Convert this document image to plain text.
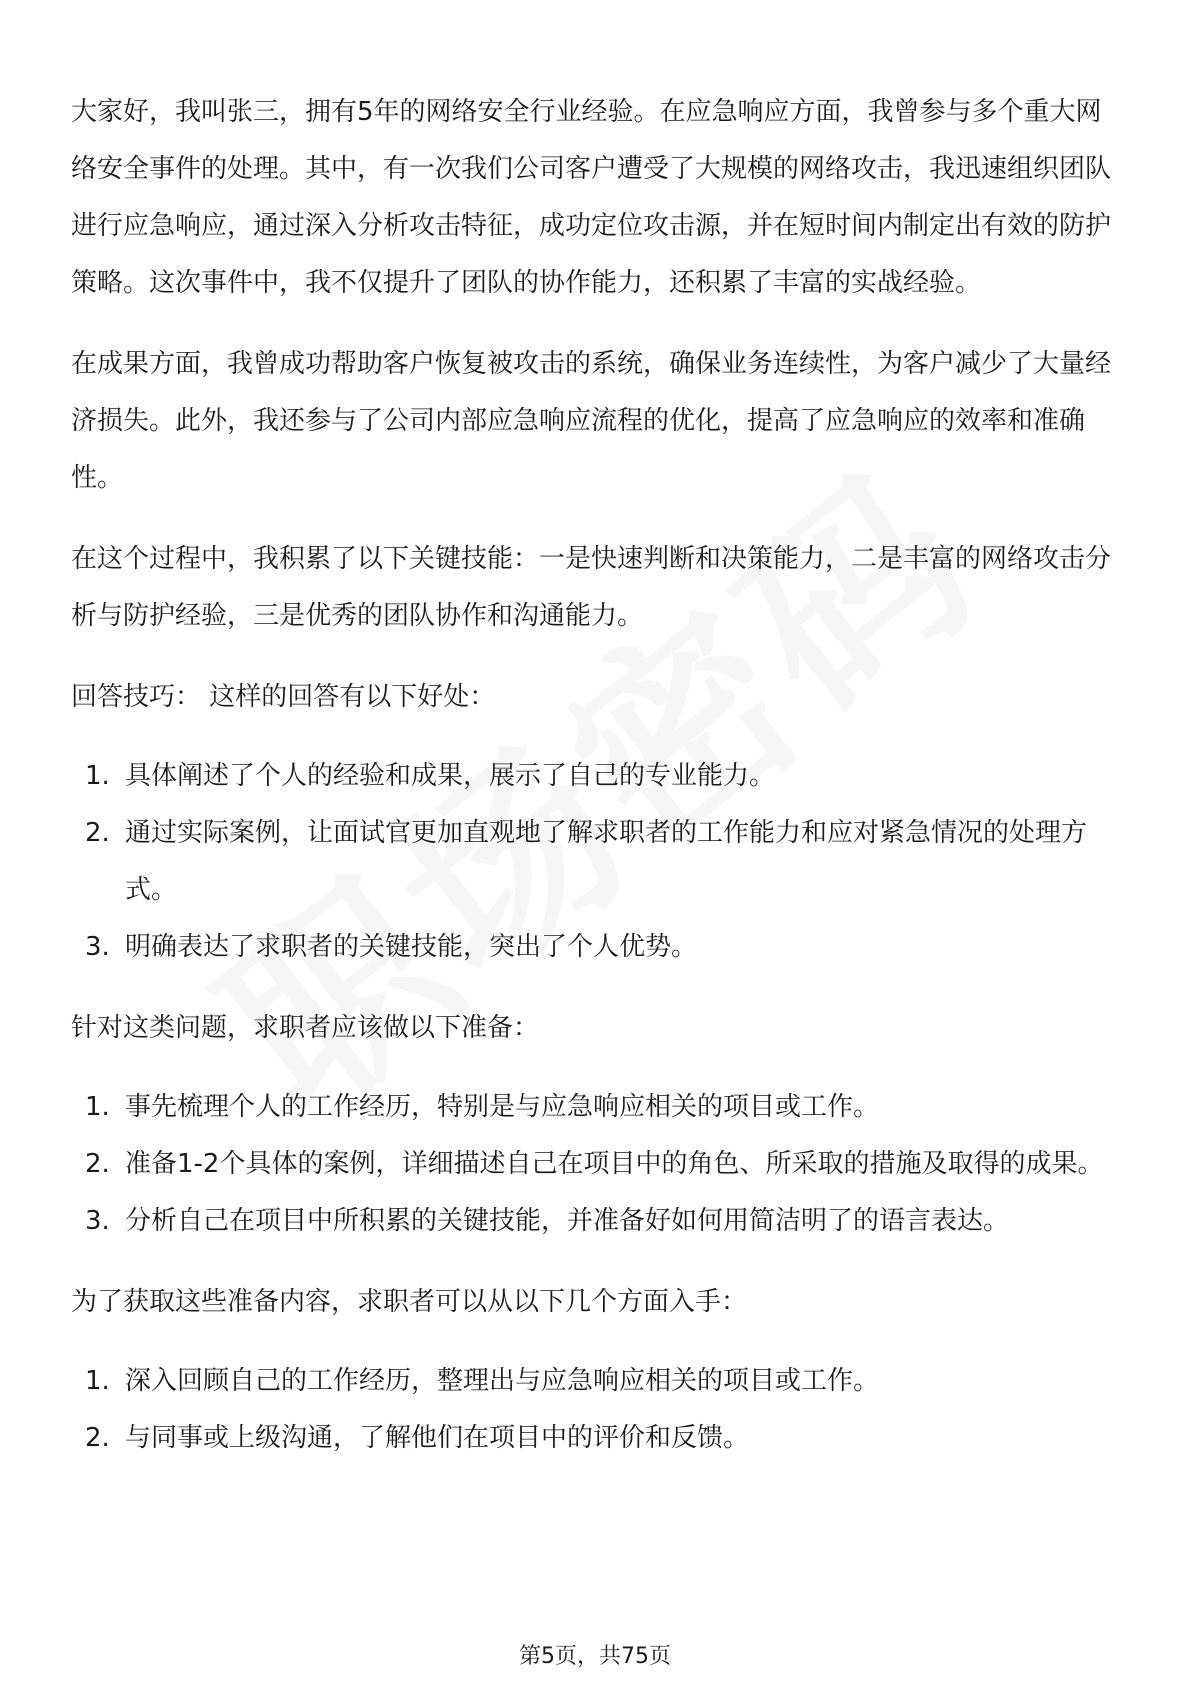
大家好，我叫张三，拥有5年的网络安全行业经验。在应急响应方面，我曾参与多个重大网络安全事件的处理。其中，有一次我们公司客户遭受了大规模的网络攻击，我迅速组织团队进行应急响应，通过深入分析攻击特征，成功定位攻击源，并在短时间内制定出有效的防护策略。这次事件中，我不仅提升了团队的协作能力，还积累了丰富的实战经验。

在成果方面，我曾成功帮助客户恢复被攻击的系统，确保业务连续性，为客户减少了大量经济损失。此外，我还参与了公司内部应急响应流程的优化，提高了应急响应的效率和准确性。

在这个过程中，我积累了以下关键技能：一是快速判断和决策能力，二是丰富的网络攻击分析与防护经验，三是优秀的团队协作和沟通能力。

回答技巧： 这样的回答有以下好处：

1. 具体阐述了个人的经验和成果，展示了自己的专业能力。
2. 通过实际案例，让面试官更加直观地了解求职者的工作能力和应对紧急情况的处理方式。
3. 明确表达了求职者的关键技能，突出了个人优势。

针对这类问题，求职者应该做以下准备：

1. 事先梳理个人的工作经历，特别是与应急响应相关的项目或工作。
2. 准备1-2个具体的案例，详细描述自己在项目中的角色、所采取的措施及取得的成果。
3. 分析自己在项目中所积累的关键技能，并准备好如何用简洁明了的语言表达。

为了获取这些准备内容，求职者可以从以下几个方面入手：

1. 深入回顾自己的工作经历，整理出与应急响应相关的项目或工作。
2. 与同事或上级沟通，了解他们在项目中的评价和反馈。
第5页，共75页
